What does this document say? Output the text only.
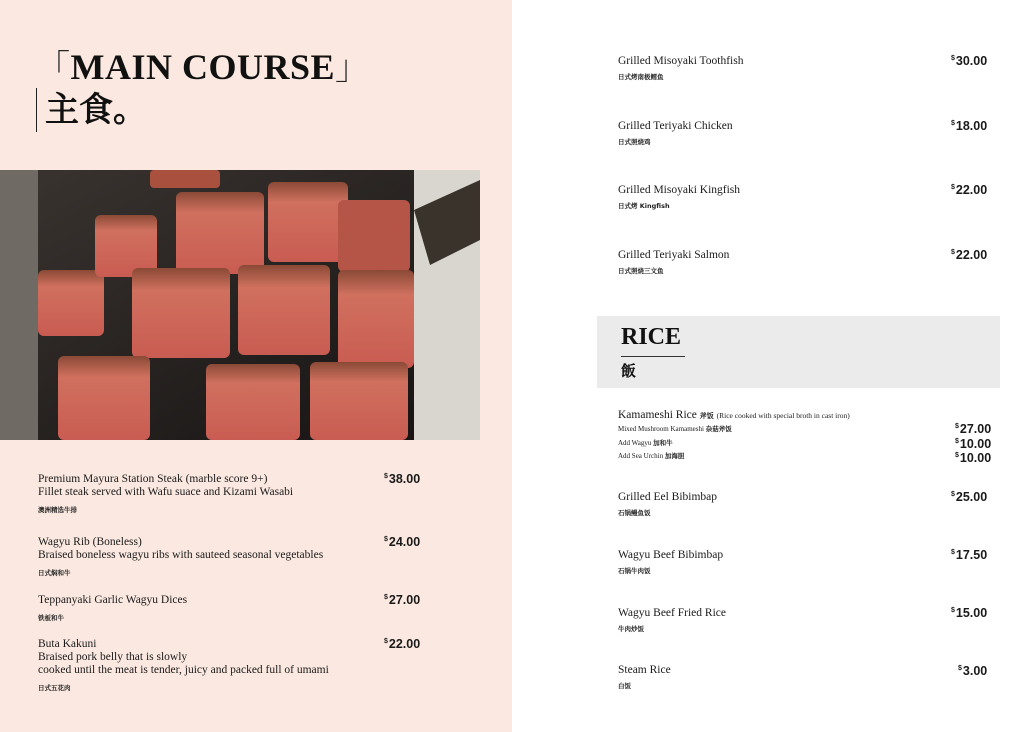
「MAIN COURSE」
主食。
Premium Mayura Station Steak (marble score 9+)
Fillet steak served with Wafu suace and Kizami Wasabi
澳洲精选牛排
$38.00
Wagyu Rib (Boneless)
Braised boneless wagyu ribs with sauteed seasonal vegetables
日式焖和牛
$24.00
Teppanyaki Garlic Wagyu Dices
铁板和牛
$27.00
Buta Kakuni
Braised pork belly that is slowly
cooked until the meat is tender, juicy and packed full of umami
日式五花肉
$22.00
Grilled Misoyaki Toothfish
日式烤南极鳕鱼
$30.00
Grilled Teriyaki Chicken
日式照烧鸡
$18.00
Grilled Misoyaki Kingfish
日式烤 Kingfish
$22.00
Grilled Teriyaki Salmon
日式照烧三文鱼
$22.00
RICE
飯
Kamameshi Rice 斧饭 (Rice cooked with special broth in cast iron)
Mixed Mushroom Kamameshi 杂菇斧饭
Add Wagyu 加和牛
Add Sea Urchin 加海胆
$27.00
$10.00
$10.00
Grilled Eel Bibimbap
石锅鳗鱼饭
$25.00
Wagyu Beef Bibimbap
石锅牛肉饭
$17.50
Wagyu Beef Fried Rice
牛肉炒饭
$15.00
Steam Rice
白饭
$3.00
